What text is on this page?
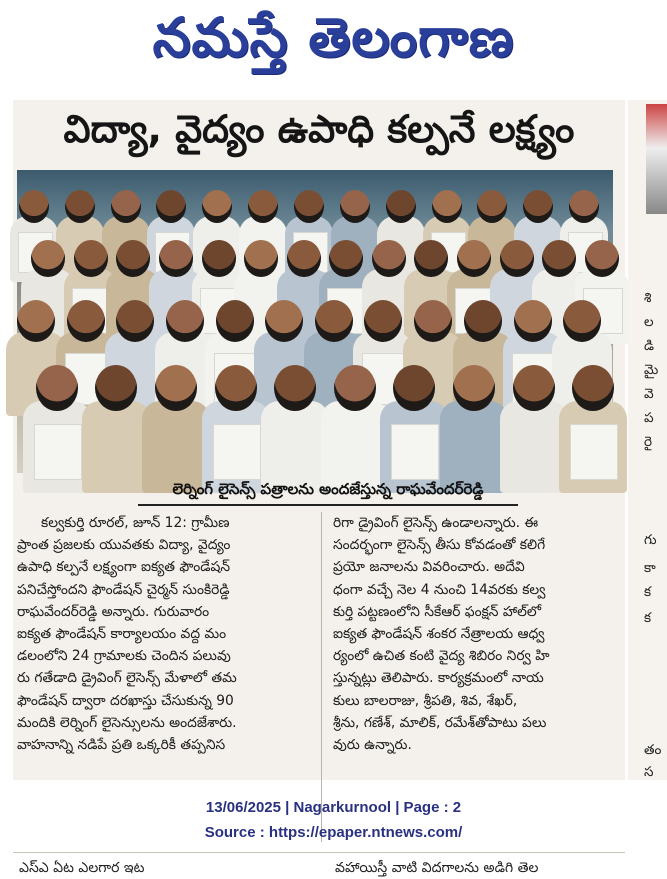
నమస్తే తెలంగాణ
విద్యా, వైద్యం ఉపాధి కల్పనే లక్ష్యం
లెర్నింగ్ లైసెన్స్ పత్రాలను అందజేస్తున్న రాఘవేందర్‌రెడ్డి

కల్వకుర్తి రూరల్, జూన్ 12: గ్రామీణ

ప్రాంత ప్రజలకు యువతకు విద్యా, వైద్యం

ఉపాధి కల్పనే లక్ష్యంగా ఐక్యత ఫౌండేషన్

పనిచేస్తోందని ఫౌండేషన్ చైర్మన్ సుంకిరెడ్డి

రాఘవేందర్‌రెడ్డి అన్నారు. గురువారం

ఐక్యత ఫౌండేషన్ కార్యాలయం వద్ద మం

డలంలోని 24 గ్రామాలకు చెందిన పలువు

రు గతేడాది డ్రైవింగ్ లైసెన్స్ మేళాలో తమ

ఫౌండేషన్ ద్వారా దరఖాస్తు చేసుకున్న 90

మందికి లెర్నింగ్ లైసెన్సులను అందజేశారు.

వాహనాన్ని నడిపే ప్రతి ఒక్కరికీ తప్పనిస

రిగా డ్రైవింగ్ లైసెన్స్ ఉండాలన్నారు. ఈ

సందర్భంగా లైసెన్స్ తీసు కోవడంతో కలిగే

ప్రయో జనాలను వివరించారు. అదేవి

ధంగా వచ్చే నెల 4 నుంచి 14వరకు కల్వ

కుర్తి పట్టణంలోని సీకేఆర్ ఫంక్షన్ హాల్‌లో

ఐక్యత ఫౌండేషన్ శంకర నేత్రాలయ ఆధ్వ

ర్యంలో ఉచిత కంటి వైద్య శిబిరం నిర్వ హి

స్తున్నట్లు తెలిపారు. కార్యక్రమంలో నాయ

కులు బాలరాజు, శ్రీపతి, శివ, శేఖర్,

శ్రీను, గణేశ్, మాలిక్, రమేశ్‌తోపాటు పలు

వురు ఉన్నారు.

ఎస్‌ఎ ఏట ఎలగార ఇట	వహాయిస్తీ వాటి విదగాలను అడిగి తెల
శి
ల
డి
మై
వె
ప
రై
గు
కా
క
క
తం
స
13/06/2025 | Nagarkurnool | Page : 2
Source : https://epaper.ntnews.com/
